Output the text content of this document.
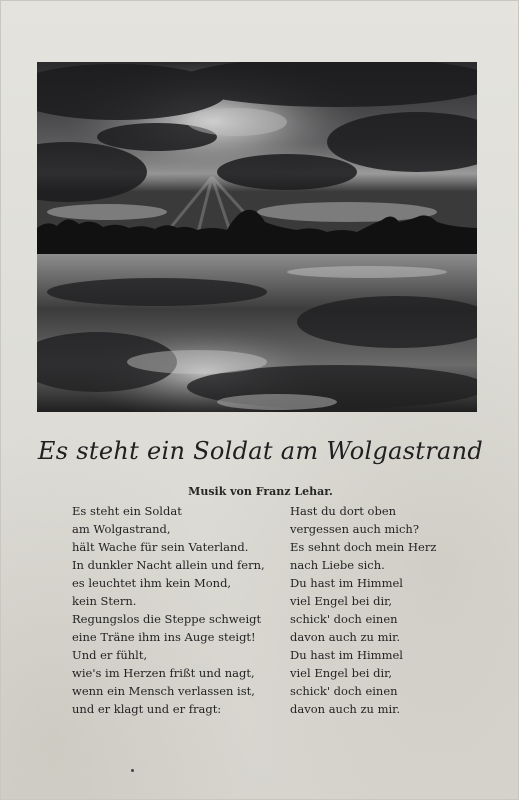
Es steht ein Soldat am Wolgastrand
Musik von Franz Lehar.
Es steht ein Soldat
am Wolgastrand,
hält Wache für sein Vaterland.
In dunkler Nacht allein und fern,
es leuchtet ihm kein Mond,
kein Stern.
Regungslos die Steppe schweigt
eine Träne ihm ins Auge steigt!
Und er fühlt,
wie's im Herzen frißt und nagt,
wenn ein Mensch verlassen ist,
und er klagt und er fragt:
Hast du dort oben
vergessen auch mich?
Es sehnt doch mein Herz
nach Liebe sich.
Du hast im Himmel
viel Engel bei dir,
schick' doch einen
davon auch zu mir.
Du hast im Himmel
viel Engel bei dir,
schick' doch einen
davon auch zu mir.
